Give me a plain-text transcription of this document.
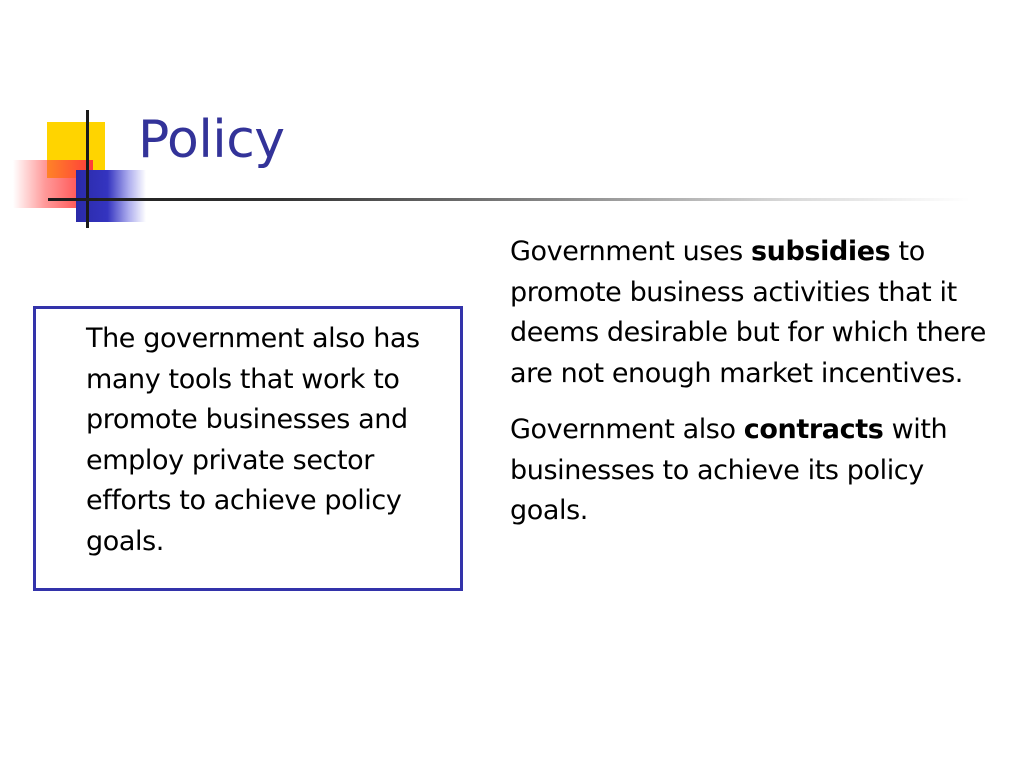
Policy

The government also has many tools that work to promote businesses and employ private sector efforts to achieve policy goals.

Government uses subsidies to promote business activities that it deems desirable but for which there are not enough market incentives.

Government also contracts with businesses to achieve its policy goals.
